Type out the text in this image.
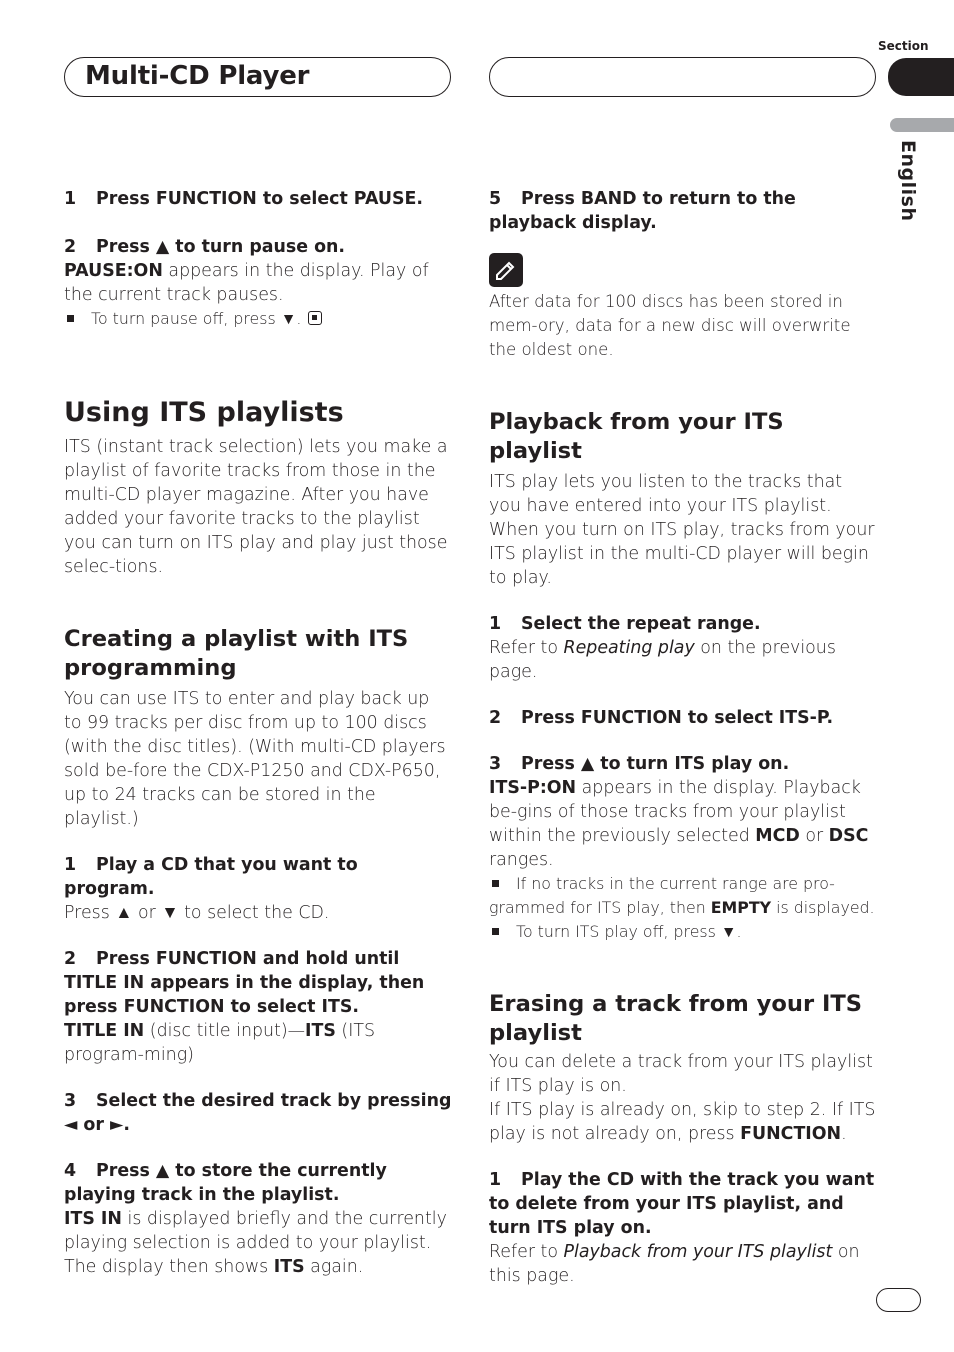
Multi-CD Player
Section
English

1 Press FUNCTION to select PAUSE.

2 Press ▲ to turn pause on.

PAUSE:ON appears in the display. Play of the current track pauses.

To turn pause off, press ▼.

Using ITS playlists

ITS (instant track selection) lets you make a playlist of favorite tracks from those in the multi-CD player magazine. After you have added your favorite tracks to the playlist you can turn on ITS play and play just those selec-tions.

Creating a playlist with ITS programming

You can use ITS to enter and play back up to 99 tracks per disc from up to 100 discs (with the disc titles). (With multi-CD players sold be-fore the CDX-P1250 and CDX-P650, up to 24 tracks can be stored in the playlist.)

1 Play a CD that you want to program.

Press ▲ or ▼ to select the CD.

2 Press FUNCTION and hold until TITLE IN appears in the display, then press FUNCTION to select ITS.

TITLE IN (disc title input)—ITS (ITS program-ming)

3 Select the desired track by pressing ◄ or ►.

4 Press ▲ to store the currently playing track in the playlist.

ITS IN is displayed briefly and the currently playing selection is added to your playlist. The display then shows ITS again.

5 Press BAND to return to the playback display.

After data for 100 discs has been stored in mem-ory, data for a new disc will overwrite the oldest one.

Playback from your ITS playlist

ITS play lets you listen to the tracks that you have entered into your ITS playlist. When you turn on ITS play, tracks from your ITS playlist in the multi-CD player will begin to play.

1 Select the repeat range.

Refer to Repeating play on the previous page.

2 Press FUNCTION to select ITS-P.

3 Press ▲ to turn ITS play on.

ITS-P:ON appears in the display. Playback be-gins of those tracks from your playlist within the previously selected MCD or DSC ranges.

If no tracks in the current range are pro-grammed for ITS play, then EMPTY is displayed.

To turn ITS play off, press ▼.

Erasing a track from your ITS playlist

You can delete a track from your ITS playlist if ITS play is on.

If ITS play is already on, skip to step 2. If ITS play is not already on, press FUNCTION.

1 Play the CD with the track you want to delete from your ITS playlist, and turn ITS play on.

Refer to Playback from your ITS playlist on this page.
